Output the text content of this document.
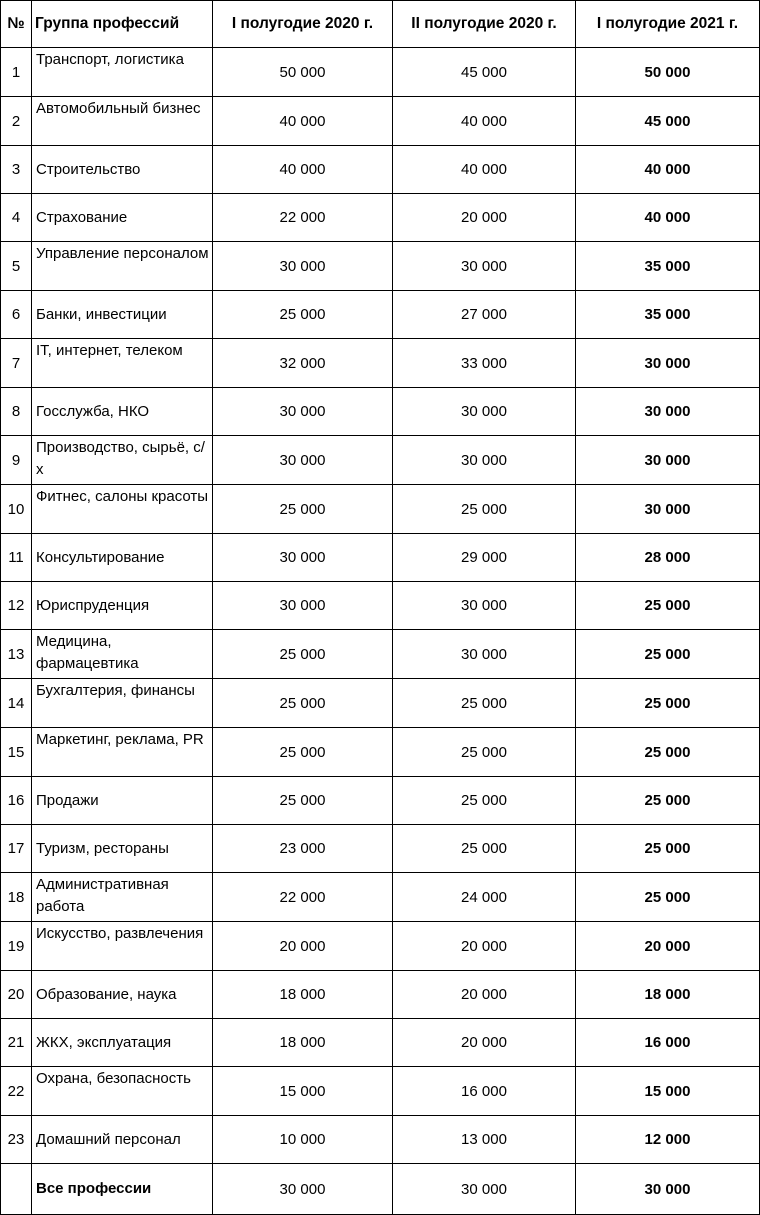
№	Группа профессий	I полугодие 2020 г.	II полугодие 2020 г.	I полугодие 2021 г.
1	Транспорт, логистика	50 000	45 000	50 000
2	Автомобильный бизнес	40 000	40 000	45 000
3	Строительство	40 000	40 000	40 000
4	Страхование	22 000	20 000	40 000
5	Управление персоналом	30 000	30 000	35 000
6	Банки, инвестиции	25 000	27 000	35 000
7	IT, интернет, телеком	32 000	33 000	30 000
8	Госслужба, НКО	30 000	30 000	30 000
9	Производство, сырьё, с/х	30 000	30 000	30 000
10	Фитнес, салоны красоты	25 000	25 000	30 000
11	Консультирование	30 000	29 000	28 000
12	Юриспруденция	30 000	30 000	25 000
13	Медицина, фармацевтика	25 000	30 000	25 000
14	Бухгалтерия, финансы	25 000	25 000	25 000
15	Маркетинг, реклама, PR	25 000	25 000	25 000
16	Продажи	25 000	25 000	25 000
17	Туризм, рестораны	23 000	25 000	25 000
18	Административная работа	22 000	24 000	25 000
19	Искусство, развлечения	20 000	20 000	20 000
20	Образование, наука	18 000	20 000	18 000
21	ЖКХ, эксплуатация	18 000	20 000	16 000
22	Охрана, безопасность	15 000	16 000	15 000
23	Домашний персонал	10 000	13 000	12 000
	Все профессии	30 000	30 000	30 000
